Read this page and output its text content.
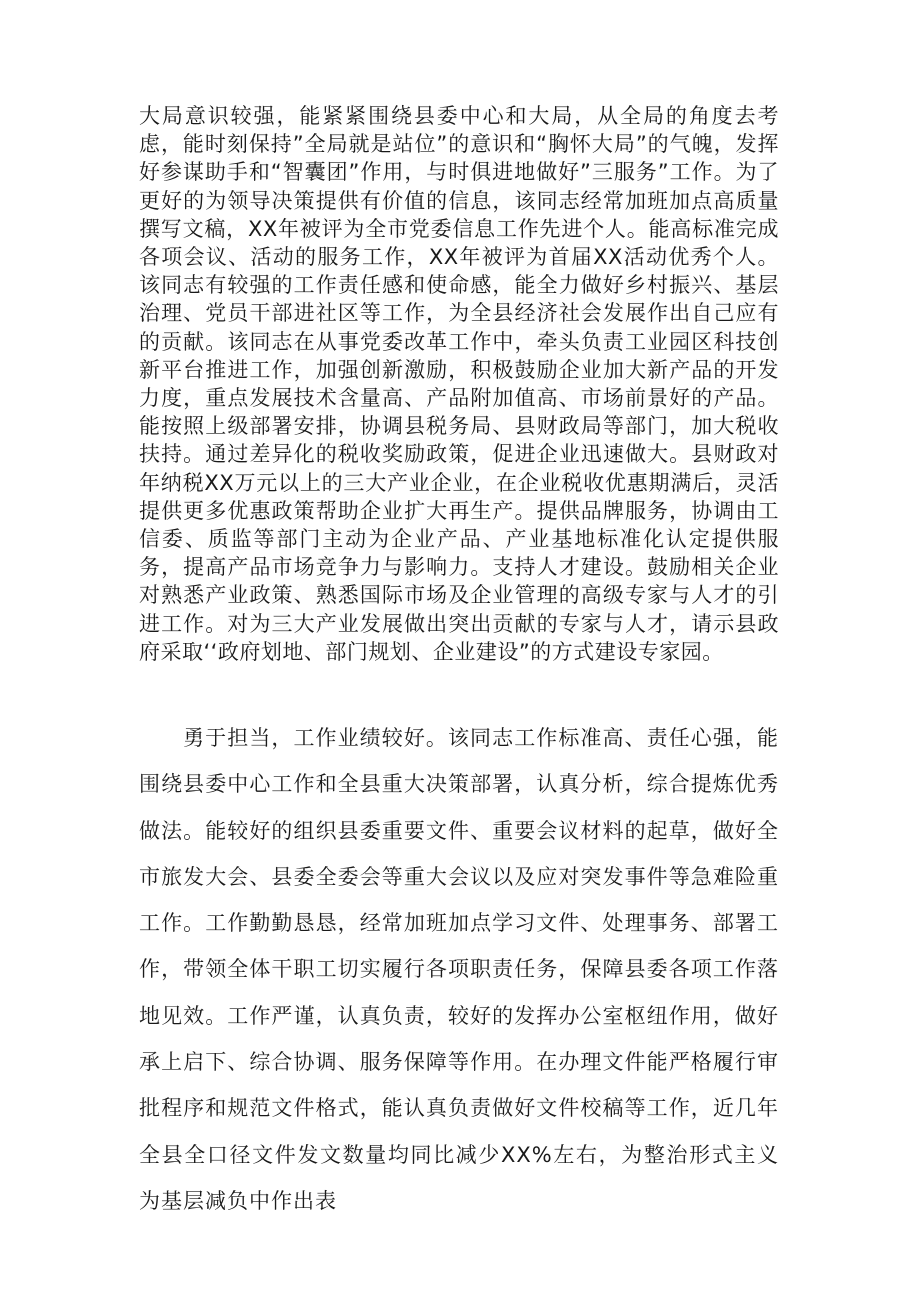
大局意识较强，能紧紧围绕县委中心和大局，从全局的角度去考虑，能时刻保持”全局就是站位”的意识和“胸怀大局”的气魄，发挥好参谋助手和“智囊团”作用，与时俱进地做好”三服务”工作。为了更好的为领导决策提供有价值的信息，该同志经常加班加点高质量撰写文稿，XX年被评为全市党委信息工作先进个人。能高标准完成各项会议、活动的服务工作，XX年被评为首届XX活动优秀个人。该同志有较强的工作责任感和使命感，能全力做好乡村振兴、基层治理、党员干部进社区等工作，为全县经济社会发展作出自己应有的贡献。该同志在从事党委改革工作中，牵头负责工业园区科技创新平台推进工作，加强创新激励，积极鼓励企业加大新产品的开发力度，重点发展技术含量高、产品附加值高、市场前景好的产品。能按照上级部署安排，协调县税务局、县财政局等部门，加大税收扶持。通过差异化的税收奖励政策，促进企业迅速做大。县财政对年纳税XX万元以上的三大产业企业，在企业税收优惠期满后，灵活提供更多优惠政策帮助企业扩大再生产。提供品牌服务，协调由工信委、质监等部门主动为企业产品、产业基地标准化认定提供服务，提高产品市场竞争力与影响力。支持人才建设。鼓励相关企业对熟悉产业政策、熟悉国际市场及企业管理的高级专家与人才的引进工作。对为三大产业发展做出突出贡献的专家与人才，请示县政府采取‘‘政府划地、部门规划、企业建设”的方式建设专家园。

勇于担当，工作业绩较好。该同志工作标准高、责任心强，能围绕县委中心工作和全县重大决策部署，认真分析，综合提炼优秀做法。能较好的组织县委重要文件、重要会议材料的起草，做好全市旅发大会、县委全委会等重大会议以及应对突发事件等急难险重工作。工作勤勤恳恳，经常加班加点学习文件、处理事务、部署工作，带领全体干职工切实履行各项职责任务，保障县委各项工作落地见效。工作严谨，认真负责，较好的发挥办公室枢纽作用，做好承上启下、综合协调、服务保障等作用。在办理文件能严格履行审批程序和规范文件格式，能认真负责做好文件校稿等工作，近几年全县全口径文件发文数量均同比减少XX%左右，为整治形式主义为基层减负中作出表
